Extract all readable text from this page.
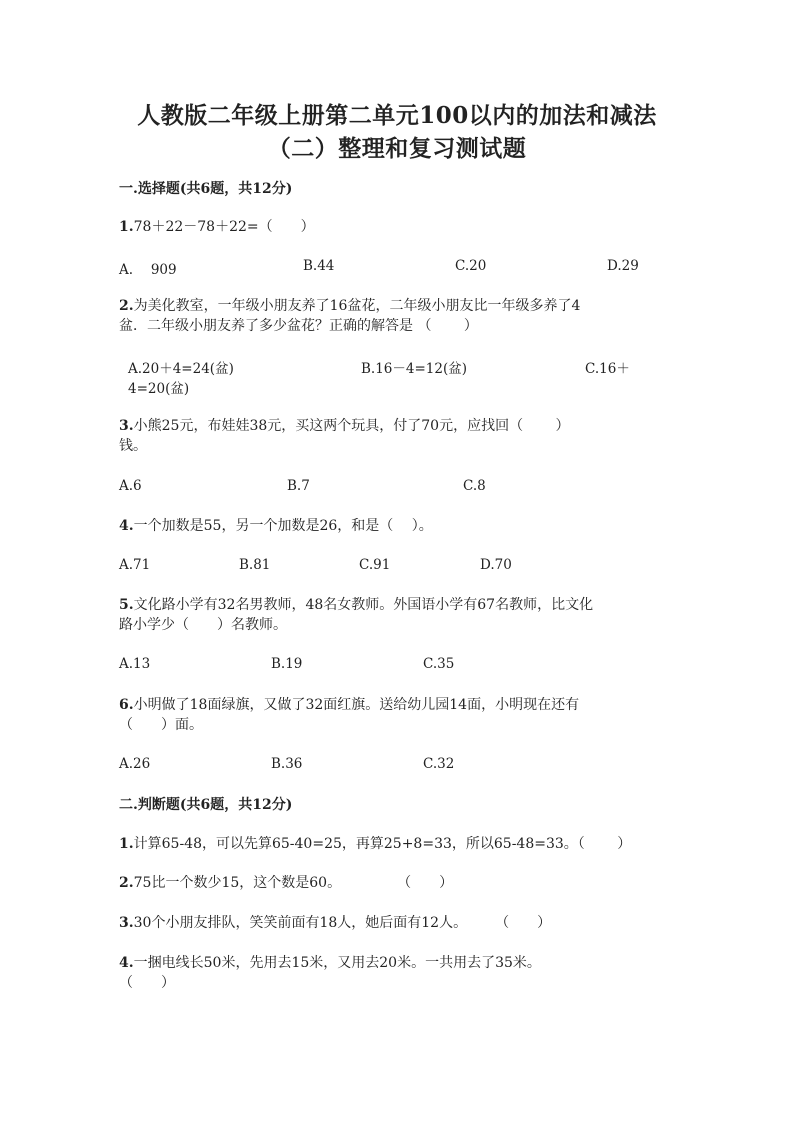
人教版二年级上册第二单元100以内的加法和减法
（二）整理和复习测试题
一.选择题(共6题，共12分)
1.78＋22－78＋22=（　　）
A.　 909	B.44	C.20	D.29
2.为美化教室，一年级小朋友养了16盆花，二年级小朋友比一年级多养了4
盆．二年级小朋友养了多少盆花？正确的解答是 （　　 ）
A.20＋4=24(盆)	B.16－4=12(盆)	C.16＋
4=20(盆)
3.小熊25元，布娃娃38元，买这两个玩具，付了70元，应找回（　　 ）
钱。
A.6	B.7	C.8
4.一个加数是55，另一个加数是26，和是（　 ）。
A.71	B.81	C.91	D.70
5.文化路小学有32名男教师，48名女教师。外国语小学有67名教师，比文化
路小学少（　　）名教师。
A.13	B.19	C.35
6.小明做了18面绿旗，又做了32面红旗。送给幼儿园14面，小明现在还有
（　　）面。
A.26	B.36	C.32
二.判断题(共6题，共12分)
1.计算65-48，可以先算65-40=25，再算25+8=33，所以65-48=33。（　　 ）
2.75比一个数少15，这个数是60。　　　　　（　　）
3.30个小朋友排队，笑笑前面有18人，她后面有12人。　　　（　　）
4.一捆电线长50米，先用去15米，又用去20米。一共用去了35米。
（　　）
